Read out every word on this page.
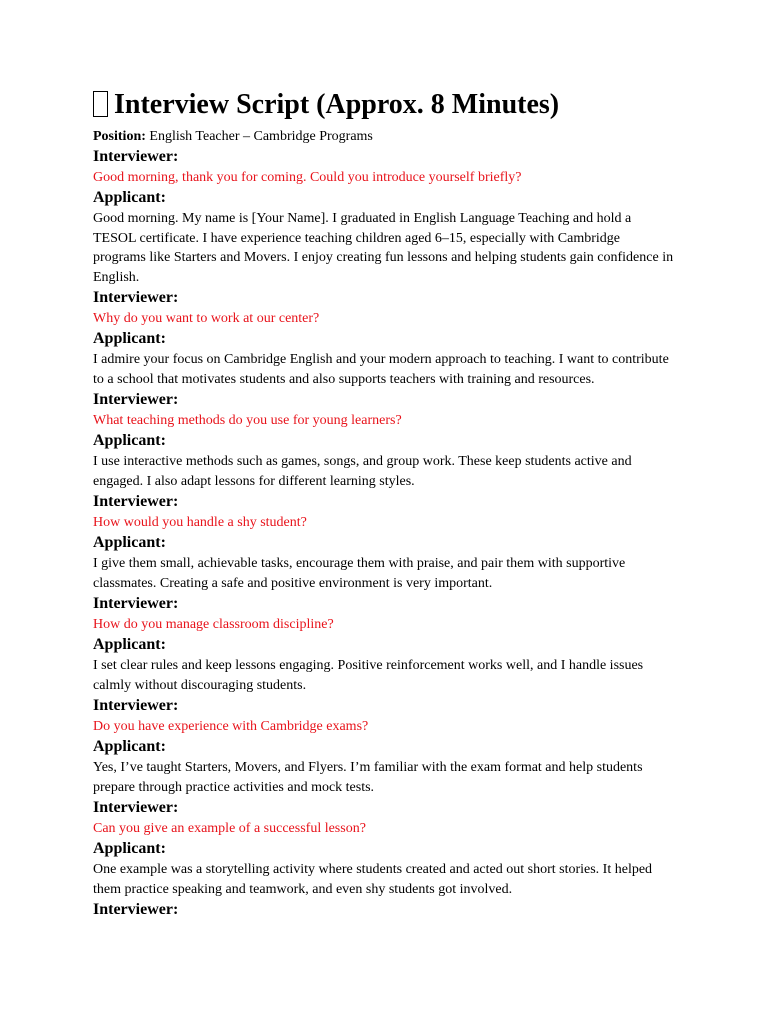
Interview Script (Approx. 8 Minutes)

Position: English Teacher – Cambridge Programs

Interviewer:

Good morning, thank you for coming. Could you introduce yourself briefly?

Applicant:

Good morning. My name is [Your Name]. I graduated in English Language Teaching and hold a TESOL certificate. I have experience teaching children aged 6–15, especially with Cambridge programs like Starters and Movers. I enjoy creating fun lessons and helping students gain confidence in English.

Interviewer:

Why do you want to work at our center?

Applicant:

I admire your focus on Cambridge English and your modern approach to teaching. I want to contribute to a school that motivates students and also supports teachers with training and resources.

Interviewer:

What teaching methods do you use for young learners?

Applicant:

I use interactive methods such as games, songs, and group work. These keep students active and engaged. I also adapt lessons for different learning styles.

Interviewer:

How would you handle a shy student?

Applicant:

I give them small, achievable tasks, encourage them with praise, and pair them with supportive classmates. Creating a safe and positive environment is very important.

Interviewer:

How do you manage classroom discipline?

Applicant:

I set clear rules and keep lessons engaging. Positive reinforcement works well, and I handle issues calmly without discouraging students.

Interviewer:

Do you have experience with Cambridge exams?

Applicant:

Yes, I’ve taught Starters, Movers, and Flyers. I’m familiar with the exam format and help students prepare through practice activities and mock tests.

Interviewer:

Can you give an example of a successful lesson?

Applicant:

One example was a storytelling activity where students created and acted out short stories. It helped them practice speaking and teamwork, and even shy students got involved.

Interviewer:
